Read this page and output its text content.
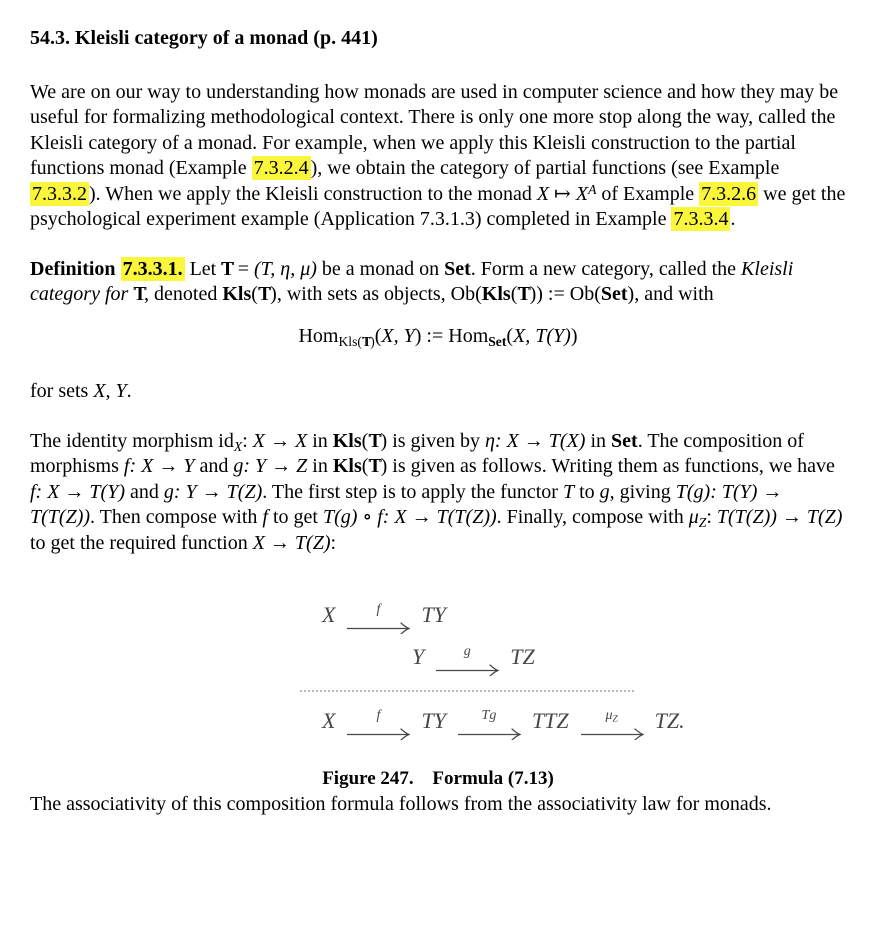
54.3. Kleisli category of a monad (p. 441)

We are on our way to understanding how monads are used in computer science and how they may be useful for formalizing methodological context. There is only one more stop along the way, called the Kleisli category of a monad. For example, when we apply this Kleisli construction to the partial functions monad (Example 7.3.2.4 ), we obtain the category of partial functions (see Example 7.3.3.2 ). When we apply the Kleisli construction to the monad X ↦ $X^A$ of Example 7.3.2.6 we get the psychological experiment example (Application 7.3.1.3) completed in Example 7.3.3.4 .

Definition 7.3.3.1. Let T = (T, η, μ) be a monad on Set. Form a new category, called the Kleisli category for T, denoted Kls(T), with sets as objects, Ob(Kls(T)) := Ob(Set), and with

Hom$_{Kls(T)}$(X, Y) := Hom$_{Set}$(X, T(Y))

for sets X, Y.

The identity morphism $id_X$: X → X in Kls(T) is given by η: X → T(X) in Set. The composition of morphisms f: X → Y and g: Y → Z in Kls(T) is given as follows. Writing them as functions, we have f: X → T(Y) and g: Y → T(Z). The first step is to apply the functor T to g, giving T(g): T(Y) → T(T(Z)). Then compose with f to get T(g) ∘ f: X → T(T(Z)). Finally, compose with $\mu_Z$: T(T(Z)) → T(Z) to get the required function X → T(Z):

X	f TY
Y	g TZ
X	f TY	Tg TTZ	$\mu_Z$ TZ.
Figure 247. Formula (7.13)

The associativity of this composition formula follows from the associativity law for monads.
